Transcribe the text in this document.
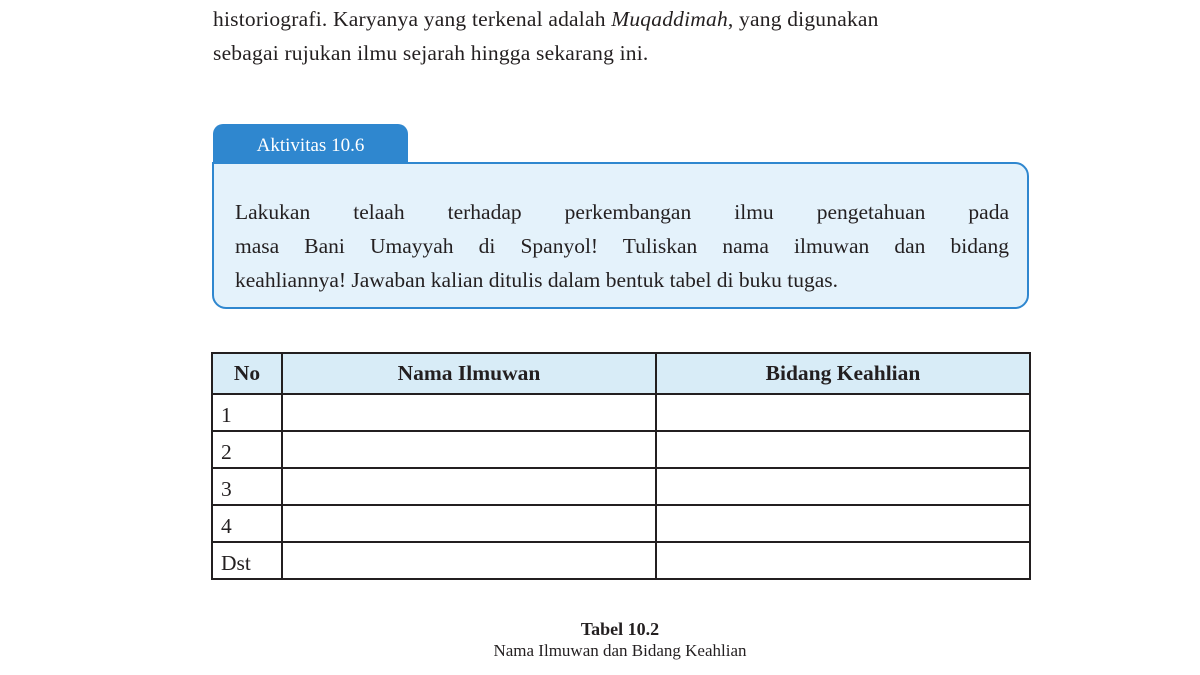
historiografi. Karyanya yang terkenal adalah Muqaddimah, yang digunakan

sebagai rujukan ilmu sejarah hingga sekarang ini.

Aktivitas 10.6
Lakukan telaah terhadap perkembangan ilmu pengetahuan pada
masa Bani Umayyah di Spanyol! Tuliskan nama ilmuwan dan bidang
keahliannya! Jawaban kalian ditulis dalam bentuk tabel di buku tugas.
No	Nama Ilmuwan	Bidang Keahlian
1		
2		
3		
4		
Dst		
Tabel 10.2
Nama Ilmuwan dan Bidang Keahlian
